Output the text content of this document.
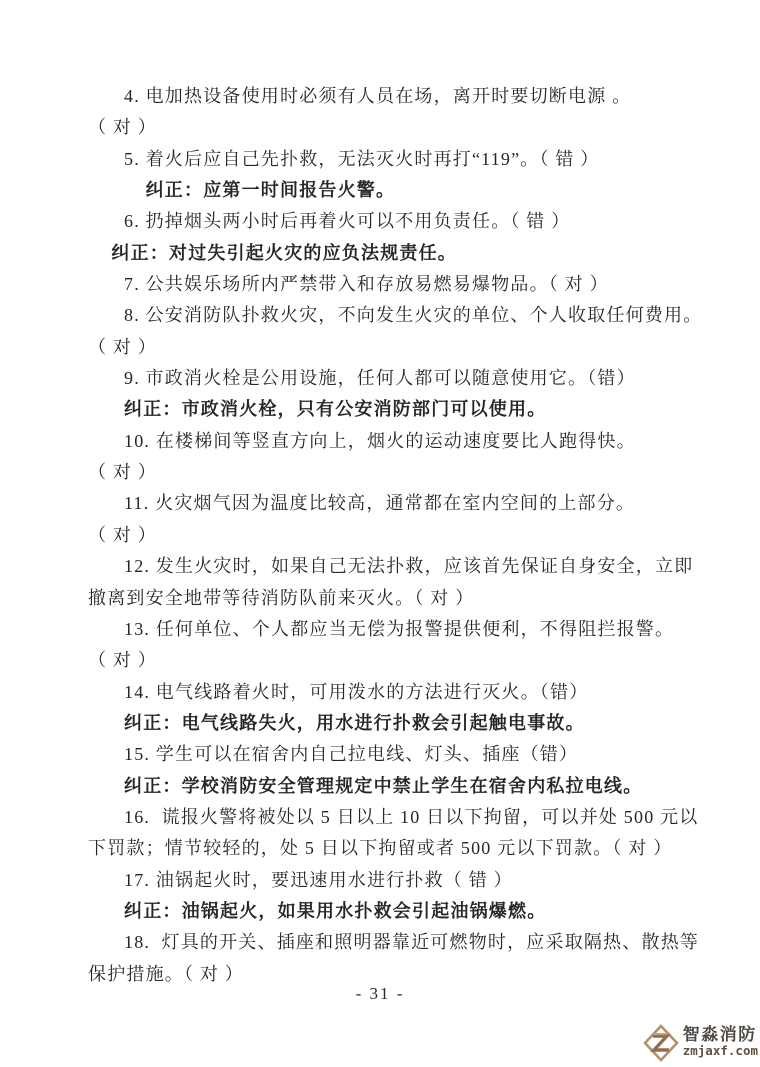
4. 电加热设备使用时必须有人员在场，离开时要切断电源 。
（ 对 ）
5. 着火后应自己先扑救，无法灭火时再打“119”。（ 错 ）
纠正：应第一时间报告火警。
6. 扔掉烟头两小时后再着火可以不用负责任。（ 错 ）
纠正：对过失引起火灾的应负法规责任。
7. 公共娱乐场所内严禁带入和存放易燃易爆物品。（ 对 ）
8. 公安消防队扑救火灾，不向发生火灾的单位、个人收取任何费用。
（ 对 ）
9. 市政消火栓是公用设施，任何人都可以随意使用它。（错）
纠正：市政消火栓，只有公安消防部门可以使用。
10. 在楼梯间等竖直方向上，烟火的运动速度要比人跑得快。
（ 对 ）
11. 火灾烟气因为温度比较高，通常都在室内空间的上部分。
（ 对 ）
12. 发生火灾时，如果自己无法扑救，应该首先保证自身安全，立即
撤离到安全地带等待消防队前来灭火。（ 对 ）
13. 任何单位、个人都应当无偿为报警提供便利，不得阻拦报警。
（ 对 ）
14. 电气线路着火时，可用泼水的方法进行灭火。（错）
纠正：电气线路失火，用水进行扑救会引起触电事故。
15. 学生可以在宿舍内自己拉电线、灯头、插座（错）
纠正：学校消防安全管理规定中禁止学生在宿舍内私拉电线。
16.  谎报火警将被处以 5 日以上 10 日以下拘留，可以并处 500 元以
下罚款；情节较轻的，处 5 日以下拘留或者 500 元以下罚款。（ 对 ）
17. 油锅起火时，要迅速用水进行扑救（ 错 ）
纠正：油锅起火，如果用水扑救会引起油锅爆燃。
18.  灯具的开关、插座和照明器靠近可燃物时，应采取隔热、散热等
保护措施。（ 对 ）
- 31 -
智淼消防
zmjaxf.com
